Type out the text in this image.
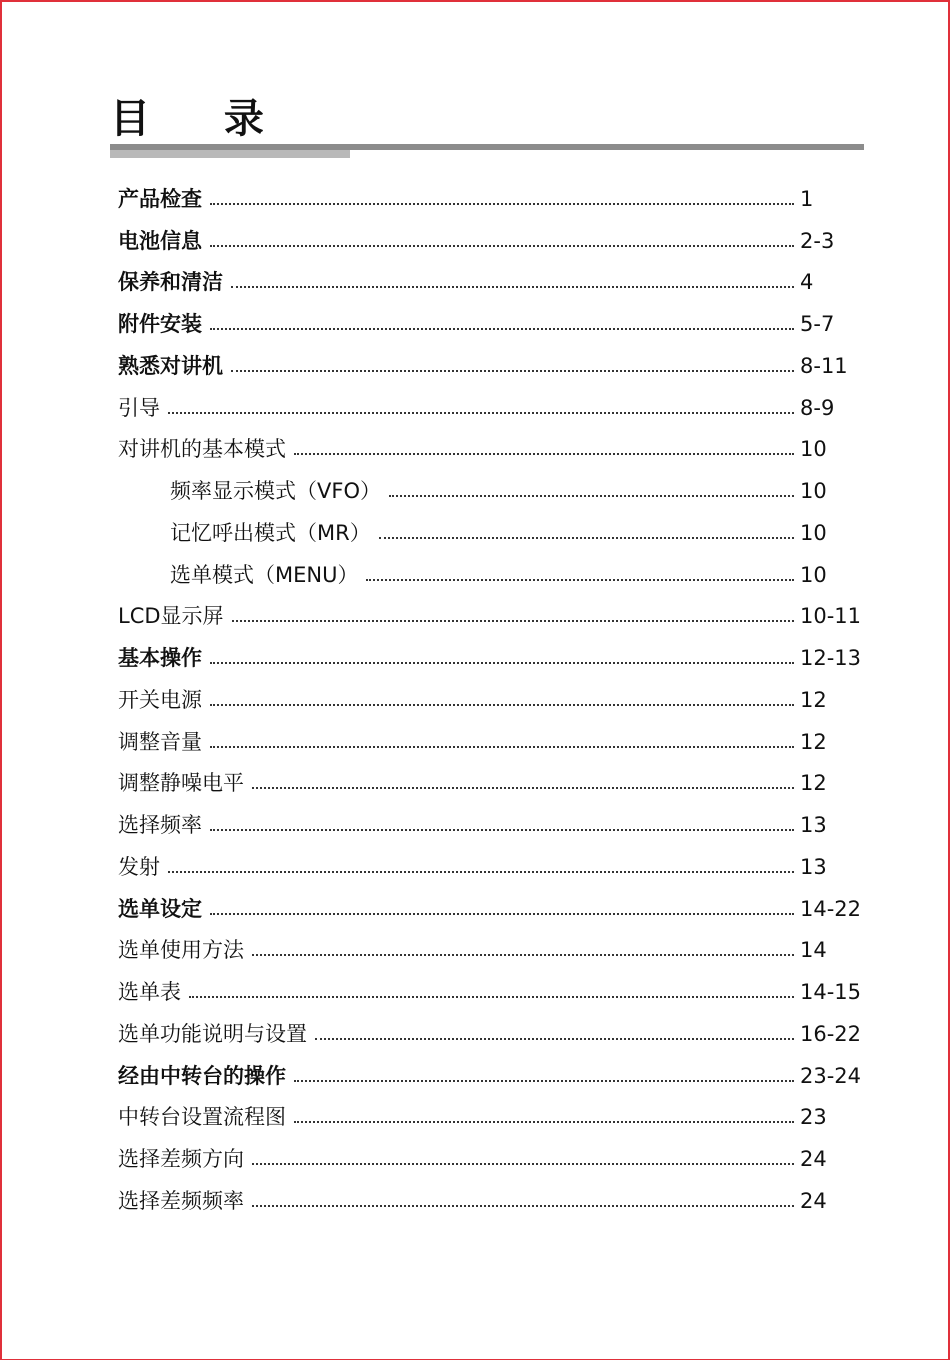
目 录
产品检查	1
电池信息	2-3
保养和清洁	4
附件安装	5-7
熟悉对讲机	8-11
引导	8-9
对讲机的基本模式	10
频率显示模式（VFO）	10
记忆呼出模式（MR）	10
选单模式（MENU）	10
LCD显示屏	10-11
基本操作	12-13
开关电源	12
调整音量	12
调整静噪电平	12
选择频率	13
发射	13
选单设定	14-22
选单使用方法	14
选单表	14-15
选单功能说明与设置	16-22
经由中转台的操作	23-24
中转台设置流程图	23
选择差频方向	24
选择差频频率	24
